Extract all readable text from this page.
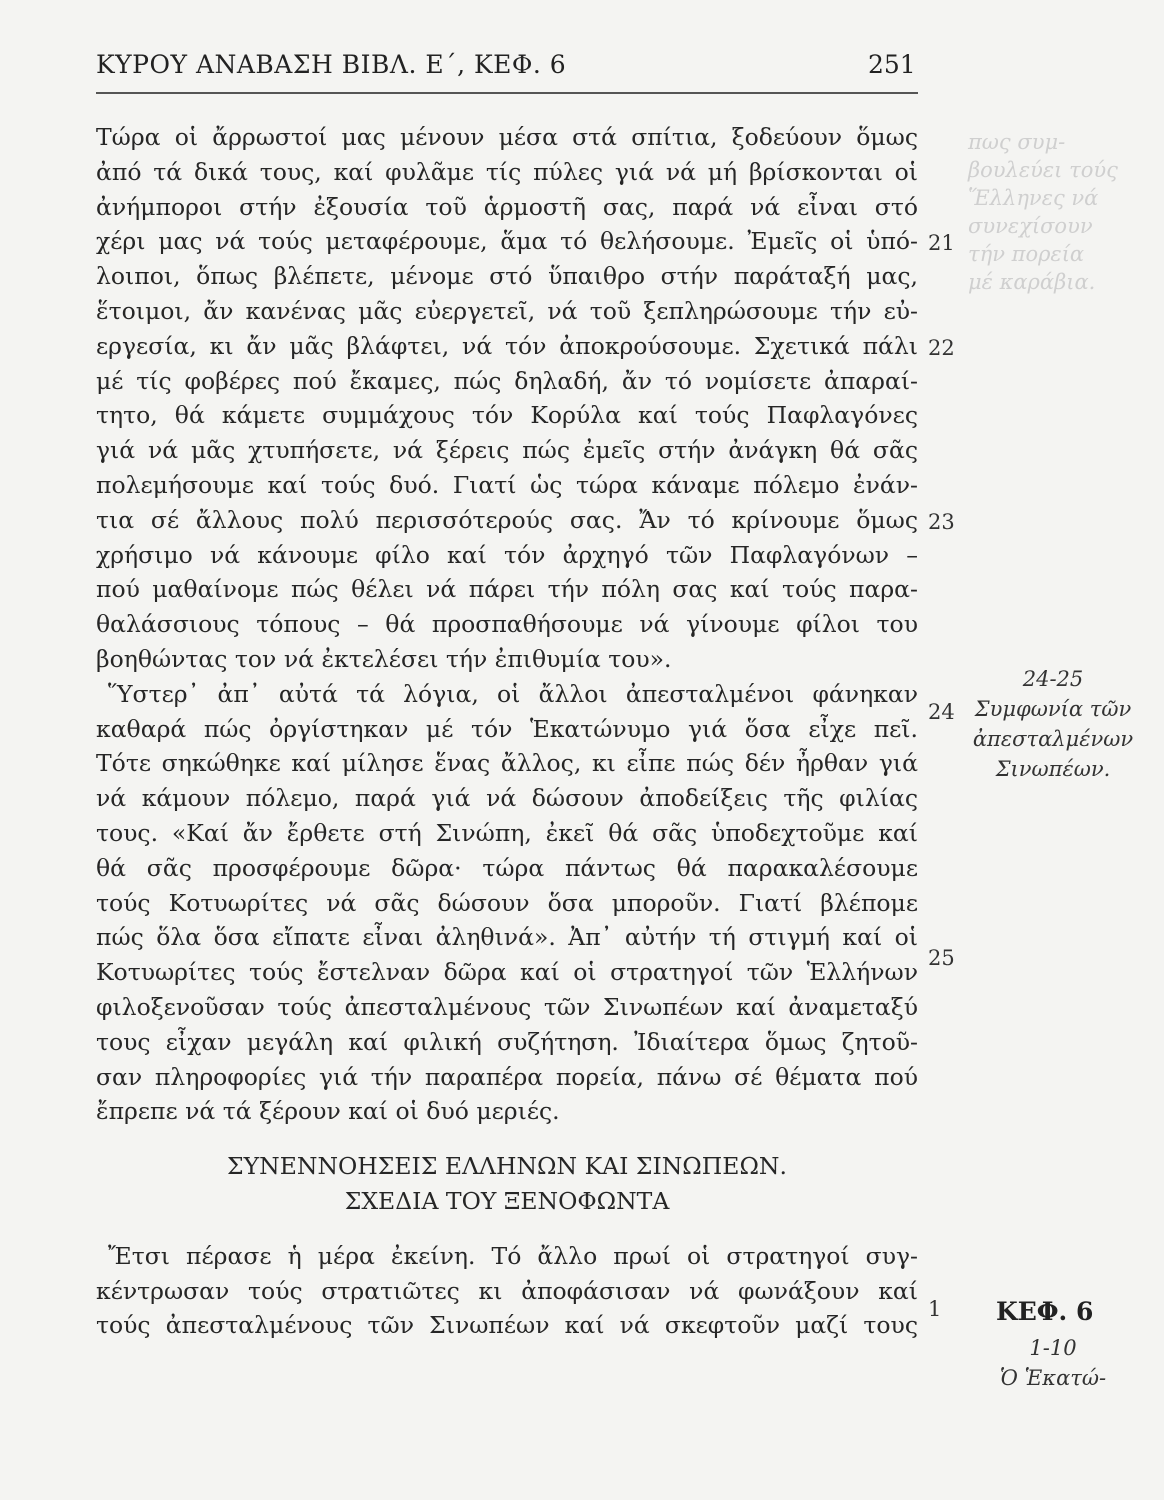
ΚΥΡΟΥ ΑΝΑΒΑΣΗ ΒΙΒΛ. Ε΄, ΚΕΦ. 6	251
πως συμ-
βουλεύει τούς
Ἕλληνες νά
συνεχίσουν
τήν πορεία
μέ καράβια.
Τώρα οἱ ἄρρωστοί μας μένουν μέσα στά σπίτια, ξοδεύουν ὅμως
ἀπό τά δικά τους, καί φυλᾶμε τίς πύλες γιά νά μή βρίσκονται οἱ
ἀνήμποροι στήν ἐξουσία τοῦ ἁρμοστῆ σας, παρά νά εἶναι στό
χέρι μας νά τούς μεταφέρουμε, ἅμα τό θελήσουμε. Ἐμεῖς οἱ ὑπό-
λοιποι, ὅπως βλέπετε, μένομε στό ὕπαιθρο στήν παράταξή μας,
ἕτοιμοι, ἄν κανένας μᾶς εὐεργετεῖ, νά τοῦ ξεπληρώσουμε τήν εὐ-
εργεσία, κι ἄν μᾶς βλάφτει, νά τόν ἀποκρούσουμε. Σχετικά πάλι
μέ τίς φοβέρες πού ἔκαμες, πώς δηλαδή, ἄν τό νομίσετε ἀπαραί-
τητο, θά κάμετε συμμάχους τόν Κορύλα καί τούς Παφλαγόνες
γιά νά μᾶς χτυπήσετε, νά ξέρεις πώς ἐμεῖς στήν ἀνάγκη θά σᾶς
πολεμήσουμε καί τούς δυό. Γιατί ὡς τώρα κάναμε πόλεμο ἐνάν-
τια σέ ἄλλους πολύ περισσότερούς σας. Ἄν τό κρίνουμε ὅμως
χρήσιμο νά κάνουμε φίλο καί τόν ἀρχηγό τῶν Παφλαγόνων –
πού μαθαίνομε πώς θέλει νά πάρει τήν πόλη σας καί τούς παρα-
θαλάσσιους τόπους – θά προσπαθήσουμε νά γίνουμε φίλοι του
βοηθώντας τον νά ἐκτελέσει τήν ἐπιθυμία του».
Ὕστερ᾽ ἀπ᾽ αὐτά τά λόγια, οἱ ἄλλοι ἀπεσταλμένοι φάνηκαν
καθαρά πώς ὀργίστηκαν μέ τόν Ἑκατώνυμο γιά ὅσα εἶχε πεῖ.
Τότε σηκώθηκε καί μίλησε ἕνας ἄλλος, κι εἶπε πώς δέν ἦρθαν γιά
νά κάμουν πόλεμο, παρά γιά νά δώσουν ἀποδείξεις τῆς φιλίας
τους. «Καί ἄν ἔρθετε στή Σινώπη, ἐκεῖ θά σᾶς ὑποδεχτοῦμε καί
θά σᾶς προσφέρουμε δῶρα· τώρα πάντως θά παρακαλέσουμε
τούς Κοτυωρίτες νά σᾶς δώσουν ὅσα μποροῦν. Γιατί βλέπομε
πώς ὅλα ὅσα εἴπατε εἶναι ἀληθινά». Ἀπ᾽ αὐτήν τή στιγμή καί οἱ
Κοτυωρίτες τούς ἔστελναν δῶρα καί οἱ στρατηγοί τῶν Ἑλλήνων
φιλοξενοῦσαν τούς ἀπεσταλμένους τῶν Σινωπέων καί ἀναμεταξύ
τους εἶχαν μεγάλη καί φιλική συζήτηση. Ἰδιαίτερα ὅμως ζητοῦ-
σαν πληροφορίες γιά τήν παραπέρα πορεία, πάνω σέ θέματα πού
ἔπρεπε νά τά ξέρουν καί οἱ δυό μεριές.
ΣΥΝΕΝΝΟΗΣΕΙΣ ΕΛΛΗΝΩΝ ΚΑΙ ΣΙΝΩΠΕΩΝ.
ΣΧΕΔΙΑ ΤΟΥ ΞΕΝΟΦΩΝΤΑ
Ἔτσι πέρασε ἡ μέρα ἐκείνη. Τό ἄλλο πρωί οἱ στρατηγοί συγ-
κέντρωσαν τούς στρατιῶτες κι ἀποφάσισαν νά φωνάξουν καί
τούς ἀπεσταλμένους τῶν Σινωπέων καί νά σκεφτοῦν μαζί τους
21
22
23
24
25
1
24-25
Συμφωνία τῶν
ἀπεσταλμένων
Σινωπέων.
ΚΕΦ. 6
1-10
Ὁ Ἑκατώ-
